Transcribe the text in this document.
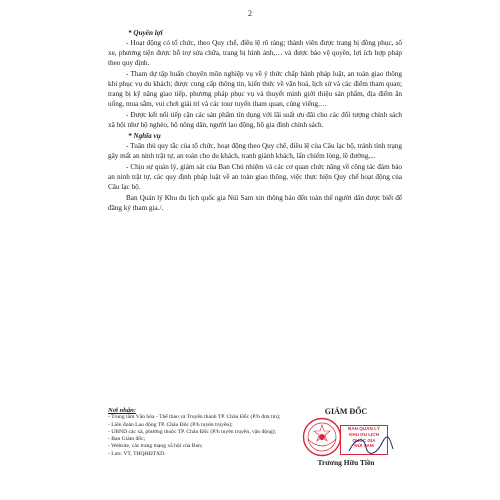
2

* Quyền lợi

- Hoạt động có tổ chức, theo Quy chế, điều lệ rõ ràng; thành viên được trang bị đồng phục, số xe, phương tiện được hỗ trợ sửa chữa, trang bị hình ảnh,… và được bảo vệ quyền, lợi ích hợp pháp theo quy định.

- Tham dự tập huấn chuyên môn nghiệp vụ về ý thức chấp hành pháp luật, an toàn giao thông khi phục vụ du khách; được cung cấp thông tin, kiến thức về văn hoá, lịch sử và các điểm tham quan; trang bị kỹ năng giao tiếp, phương pháp phục vụ và thuyết minh giới thiệu sản phẩm, địa điểm ăn uống, mua sắm, vui chơi giải trí và các tour tuyến tham quan, cúng viếng,…

- Được kết nối tiếp cận các sản phẩm tín dụng với lãi suất ưu đãi cho các đối tượng chính sách xã hội như hộ nghèo, hộ nông dân, người lao động, hộ gia đình chính sách.

* Nghĩa vụ

- Tuân thủ quy tắc của tổ chức, hoạt động theo Quy chế, điều lệ của Câu lạc bộ, tránh tình trạng gây mất an ninh trật tự, an toàn cho du khách, tranh giành khách, lấn chiếm lòng, lề đường,...

- Chịu sự quản lý, giám sát của Ban Chủ nhiệm và các cơ quan chức năng về công tác đảm bảo an ninh trật tự, các quy định pháp luật về an toàn giao thông, việc thực hiện Quy chế hoạt động của Câu lạc bộ.

Ban Quản lý Khu du lịch quốc gia Núi Sam xin thông báo đến toàn thể người dân được biết để đăng ký tham gia./.

Nơi nhận:
- Trung tâm Văn hóa - Thể thao và Truyền thanh TP. Châu Đốc (P/h đưa tin);
- Liên đoàn Lao động TP. Châu Đốc (P/h tuyên truyền);
- UBND các xã, phường thuộc TP. Châu Đốc (P/h tuyên truyền, vận động);
- Ban Giám đốc;
- Website, các trang mạng xã hội của Ban;
- Lưu: VT, THQHĐTXD.
GIÁM ĐỐC
BAN QUẢN LÝ
KHU DU LỊCH
QUỐC GIA
NÚI SAM
Trương Hữu Tiền
